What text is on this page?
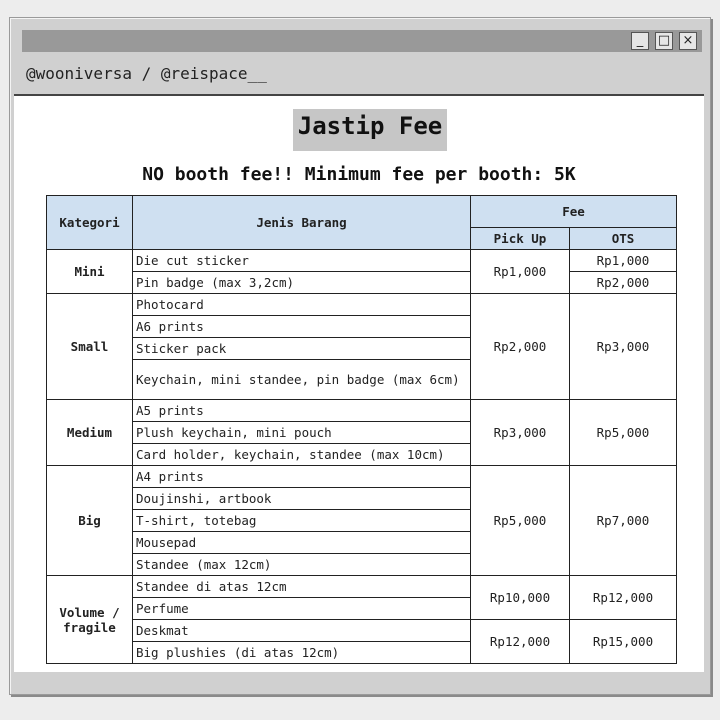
_	□ ×
@wooniversa / @reispace__
Jastip Fee
NO booth fee!! Minimum fee per booth: 5K
Kategori	Jenis Barang	Fee	
		Pick Up	OTS
Mini	Die cut sticker	Rp1,000	Rp1,000
	Pin badge (max 3,2cm)		Rp2,000
Small	Photocard	Rp2,000	Rp3,000
	A6 prints		
	Sticker pack		
	Keychain, mini standee, pin badge (max 6cm)		
Medium	A5 prints	Rp3,000	Rp5,000
	Plush keychain, mini pouch		
	Card holder, keychain, standee (max 10cm)		
Big	A4 prints	Rp5,000	Rp7,000
	Doujinshi, artbook		
	T-shirt, totebag		
	Mousepad		
	Standee (max 12cm)		
Volume / fragile	Standee di atas 12cm	Rp10,000	Rp12,000
	Perfume		
	Deskmat	Rp12,000	Rp15,000
	Big plushies (di atas 12cm)		
